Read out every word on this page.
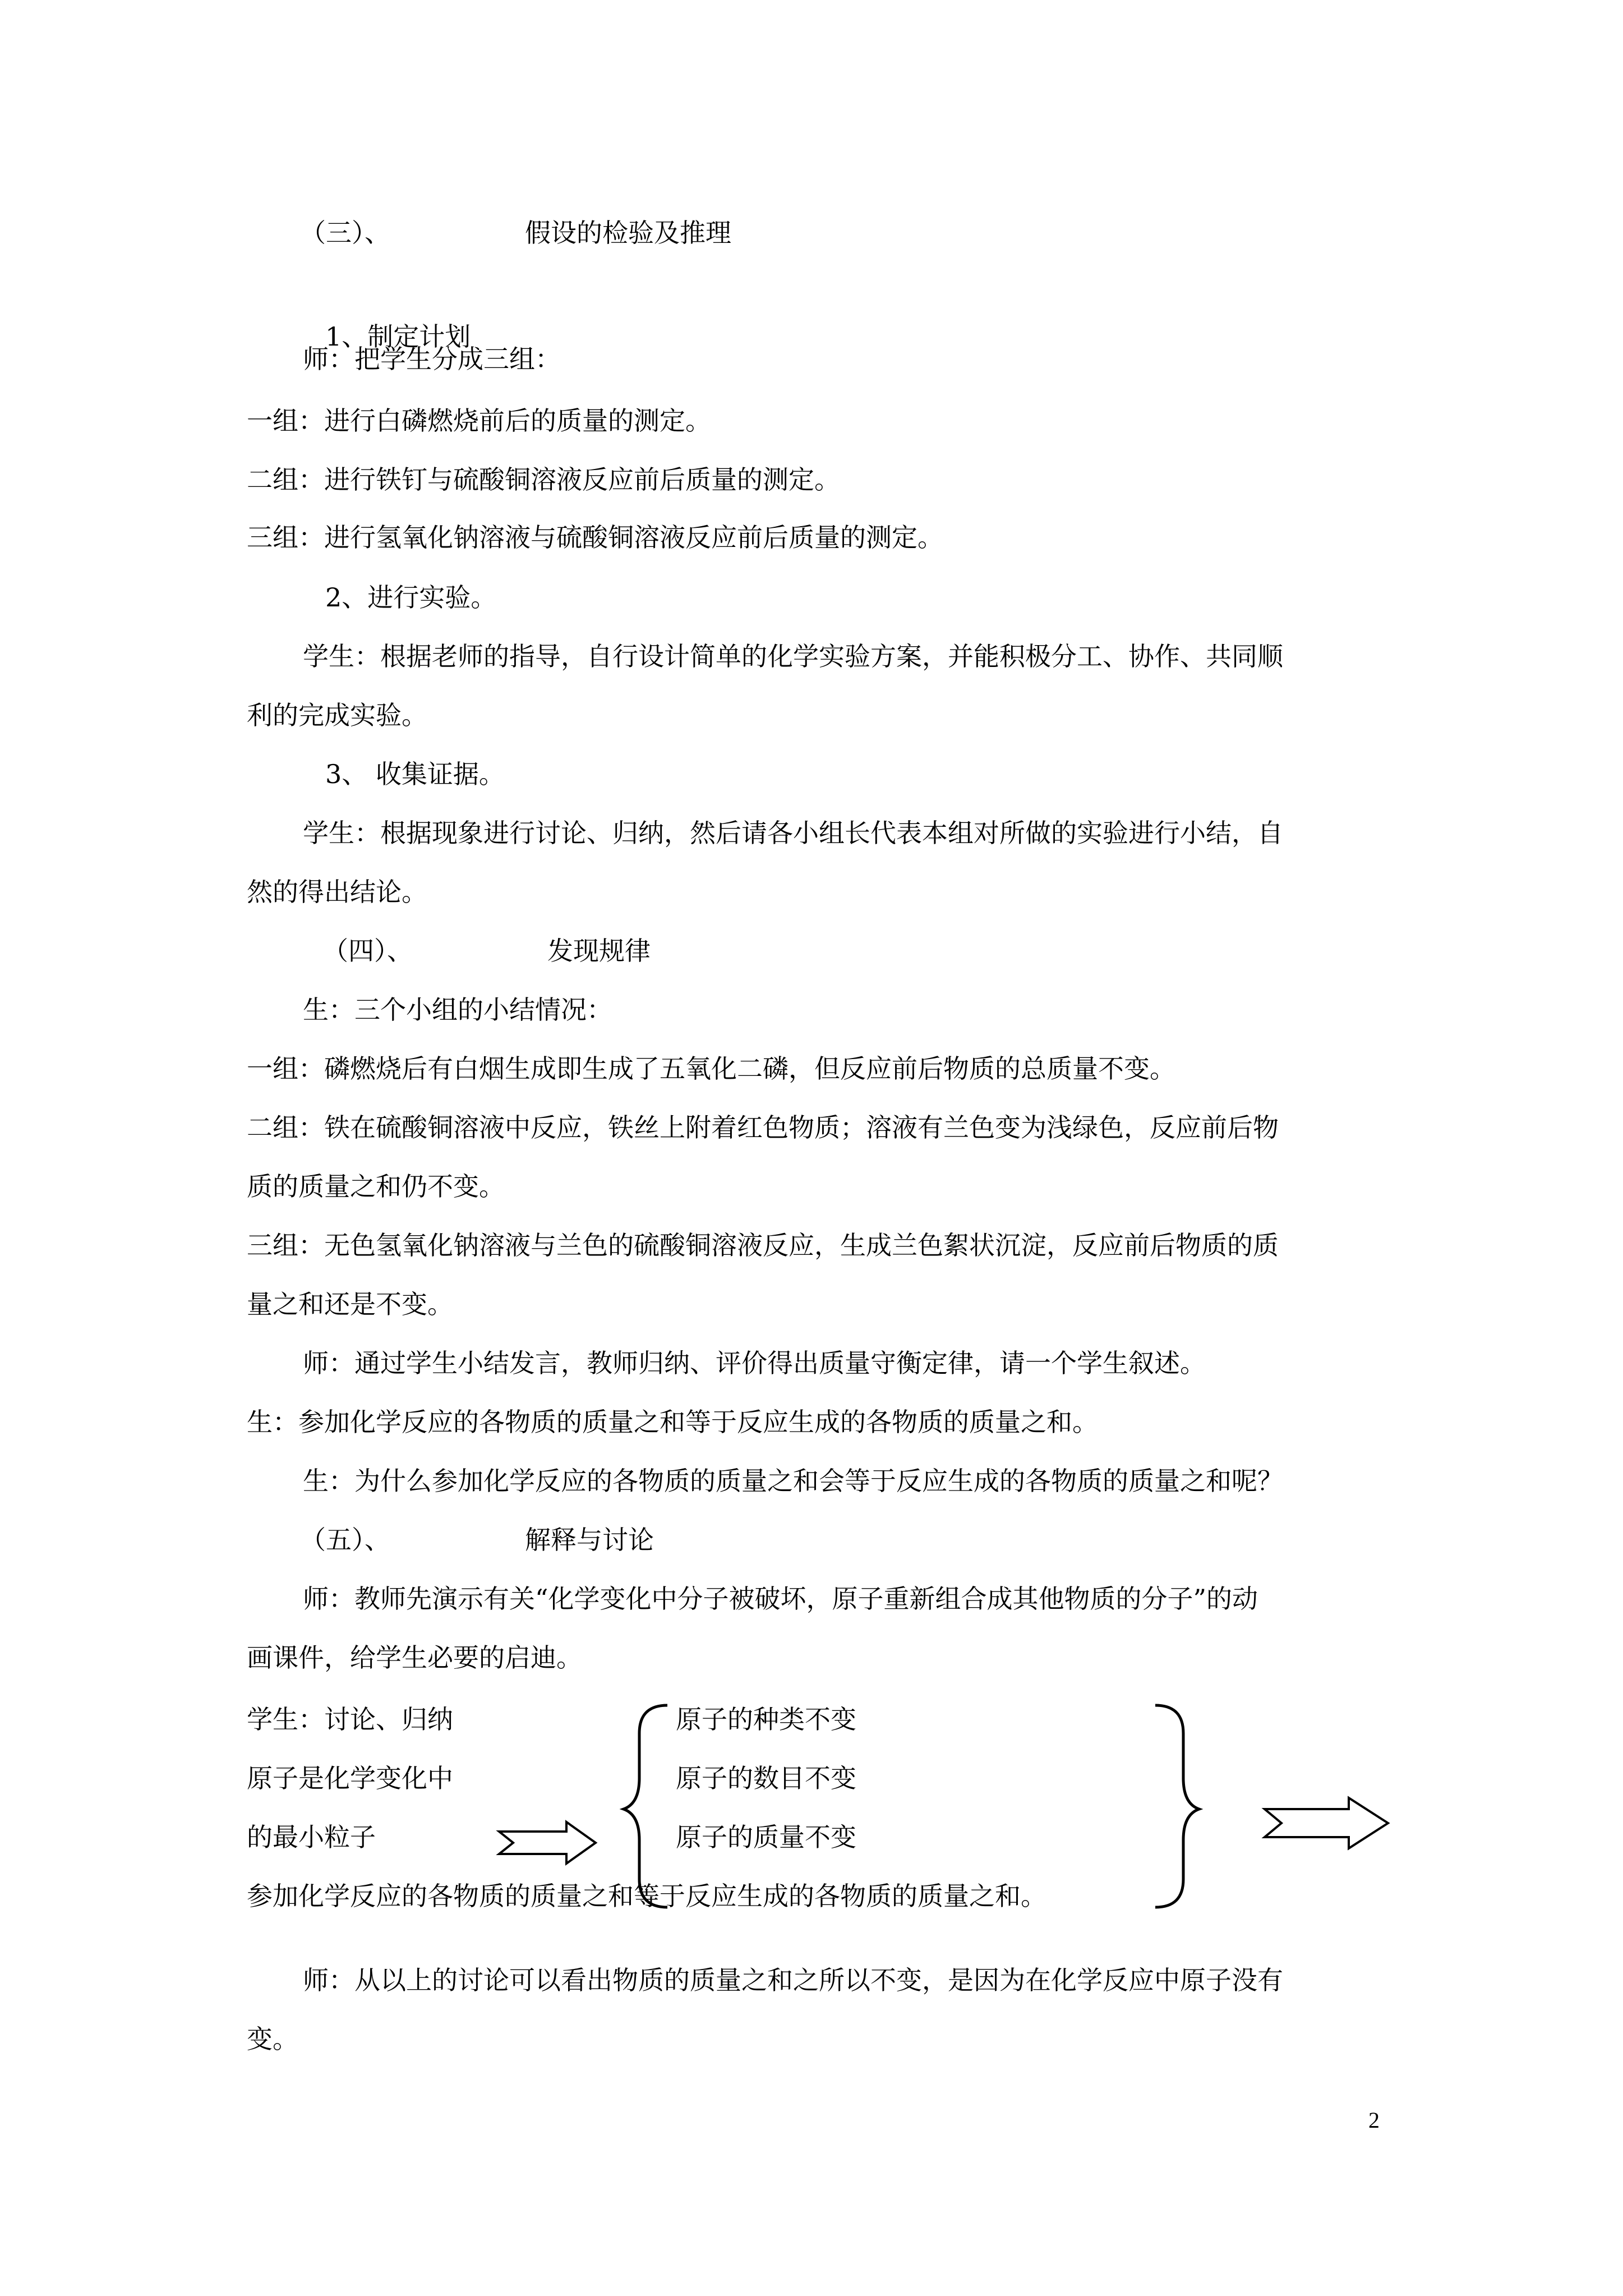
（三）、	假设的检验及推理
1、制定计划
师：把学生分成三组：
一组：进行白磷燃烧前后的质量的测定。
二组：进行铁钉与硫酸铜溶液反应前后质量的测定。
三组：进行氢氧化钠溶液与硫酸铜溶液反应前后质量的测定。
2、进行实验。
学生：根据老师的指导，自行设计简单的化学实验方案，并能积极分工、协作、共同顺
利的完成实验。
3、 收集证据。
学生：根据现象进行讨论、归纳，然后请各小组长代表本组对所做的实验进行小结，自
然的得出结论。
（四）、	发现规律
生：三个小组的小结情况：
一组：磷燃烧后有白烟生成即生成了五氧化二磷，但反应前后物质的总质量不变。
二组：铁在硫酸铜溶液中反应，铁丝上附着红色物质；溶液有兰色变为浅绿色，反应前后物
质的质量之和仍不变。
三组：无色氢氧化钠溶液与兰色的硫酸铜溶液反应，生成兰色絮状沉淀，反应前后物质的质
量之和还是不变。
师：通过学生小结发言，教师归纳、评价得出质量守衡定律，请一个学生叙述。
生：参加化学反应的各物质的质量之和等于反应生成的各物质的质量之和。
生：为什么参加化学反应的各物质的质量之和会等于反应生成的各物质的质量之和呢？
（五）、	解释与讨论
师：教师先演示有关“化学变化中分子被破坏，原子重新组合成其他物质的分子”的动
画课件，给学生必要的启迪。
学生：讨论、归纳
原子是化学变化中
的最小粒子
原子的种类不变
原子的数目不变
原子的质量不变
参加化学反应的各物质的质量之和等于反应生成的各物质的质量之和。
师：从以上的讨论可以看出物质的质量之和之所以不变，是因为在化学反应中原子没有
变。
2
